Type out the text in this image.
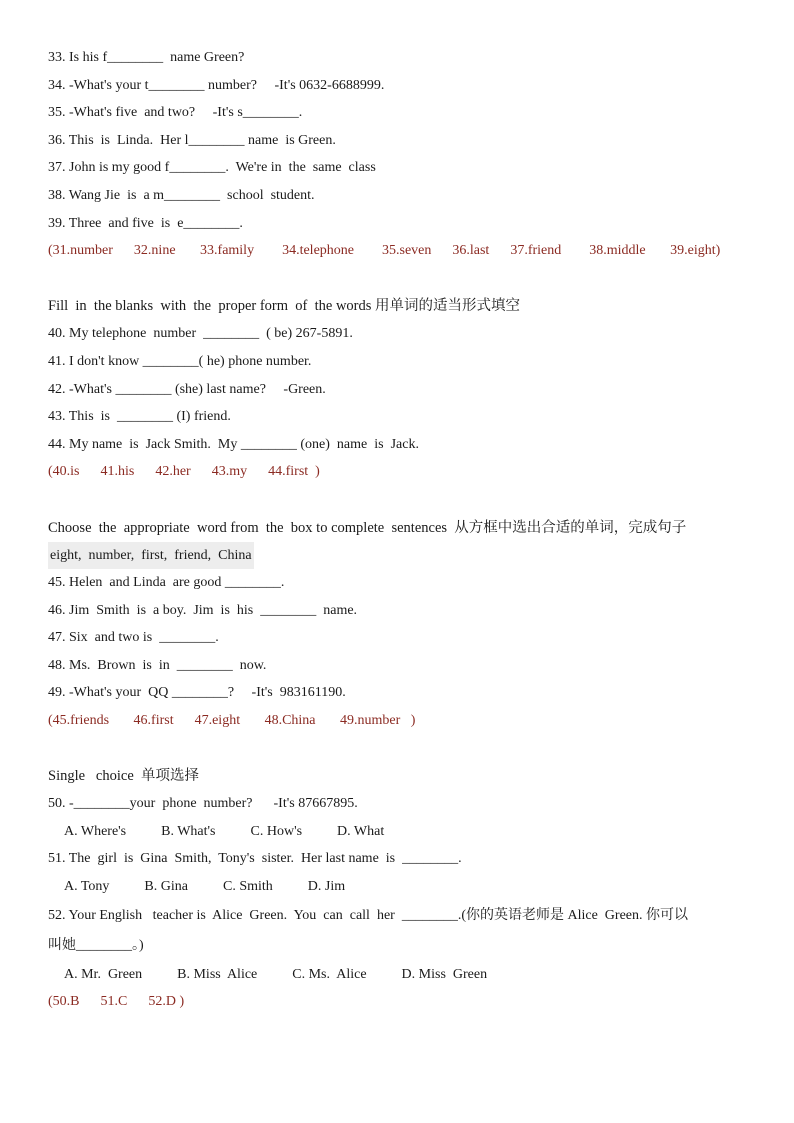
33. Is his f________  name Green?
34. -What's your t________ number?     -It's 0632-6688999.
35. -What's five  and two?     -It's s________.
36. This  is  Linda.  Her l________ name  is Green.
37. John is my good f________.  We're in  the  same  class
38. Wang Jie  is  a m________  school  student.
39. Three  and five  is  e________.
(31.number      32.nine       33.family        34.telephone        35.seven      36.last      37.friend        38.middle       39.eight)
Fill  in  the blanks  with  the  proper form  of  the words 用单词的适当形式填空
40. My telephone  number  ________  ( be) 267-5891.
41. I don't know ________( he) phone number.
42. -What's ________ (she) last name?     -Green.
43. This  is  ________ (I) friend.
44. My name  is  Jack Smith.  My ________ (one)  name  is  Jack.
(40.is      41.his      42.her      43.my      44.first  )
Choose  the  appropriate  word from  the  box to complete  sentences  从方框中选出合适的单词，完成句子
eight,  number,  first,  friend,  China
45. Helen  and Linda  are good ________.
46. Jim  Smith  is  a boy.  Jim  is  his  ________  name.
47. Six  and two is  ________.
48. Ms.  Brown  is  in  ________  now.
49. -What's your  QQ ________?     -It's  983161190.
(45.friends       46.first      47.eight       48.China       49.number   )
Single   choice  单项选择
50. -________your  phone  number?      -It's 87667895.
A. Where's          B. What's          C. How's          D. What
51. The  girl  is  Gina  Smith,  Tony's  sister.  Her last name  is  ________.
A. Tony          B. Gina          C. Smith          D. Jim
52. Your English   teacher is  Alice  Green.  You  can  call  her  ________.(你的英语老师是 Alice  Green. 你可以
叫她________。)
A. Mr.  Green          B. Miss  Alice          C. Ms.  Alice          D. Miss  Green
(50.B      51.C      52.D )
